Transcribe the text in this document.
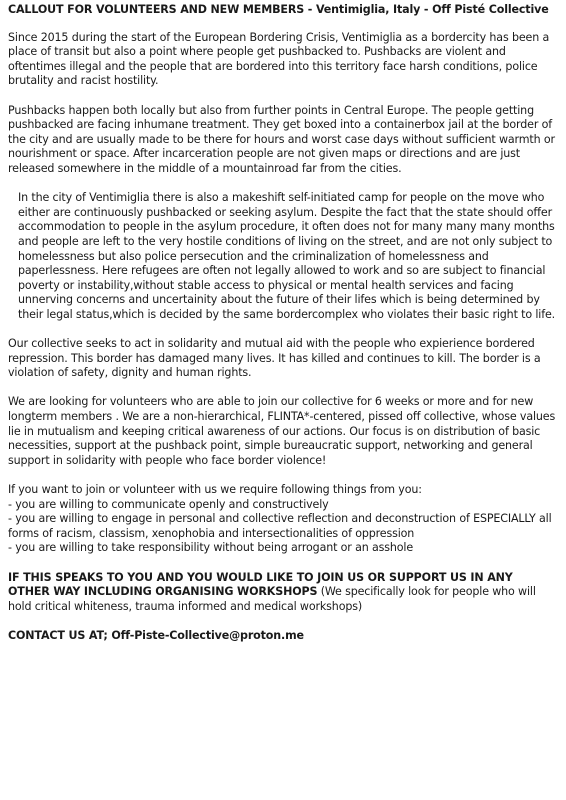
CALLOUT FOR VOLUNTEERS AND NEW MEMBERS - Ventimiglia, Italy - Off Pisté Collective

Since 2015 during the start of the European Bordering Crisis, Ventimiglia as a bordercity has been a place of transit but also a point where people get pushbacked to. Pushbacks are violent and oftentimes illegal and the people that are bordered into this territory face harsh conditions, police brutality and racist hostility.

Pushbacks happen both locally but also from further points in Central Europe. The people getting pushbacked are facing inhumane treatment. They get boxed into a containerbox jail at the border of the city and are usually made to be there for hours and worst case days without sufficient warmth or nourishment or space. After incarceration people are not given maps or directions and are just released somewhere in the middle of a mountainroad far from the cities.

In the city of Ventimiglia there is also a makeshift self-initiated camp for people on the move who either are continuously pushbacked or seeking asylum. Despite the fact that the state should offer accommodation to people in the asylum procedure, it often does not for many many many months and people are left to the very hostile conditions of living on the street, and are not only subject to homelessness but also police persecution and the criminalization of homelessness and paperlessness. Here refugees are often not legally allowed to work and so are subject to financial poverty or instability,without stable access to physical or mental health services and facing unnerving concerns and uncertainity about the future of their lifes which is being determined by their legal status,which is decided by the same bordercomplex who violates their basic right to life.

Our collective seeks to act in solidarity and mutual aid with the people who expierience bordered repression. This border has damaged many lives. It has killed and continues to kill. The border is a violation of safety, dignity and human rights.

We are looking for volunteers who are able to join our collective for 6 weeks or more and for new longterm members . We are a non-hierarchical, FLINTA*-centered, pissed off collective, whose values lie in mutualism and keeping critical awareness of our actions. Our focus is on distribution of basic necessities, support at the pushback point, simple bureaucratic support, networking and general support in solidarity with people who face border violence!

If you want to join or volunteer with us we require following things from you:
- you are willing to communicate openly and constructively
- you are willing to engage in personal and collective reflection and deconstruction of ESPECIALLY all forms of racism, classism, xenophobia and intersectionalities of oppression
- you are willing to take responsibility without being arrogant or an asshole

IF THIS SPEAKS TO YOU AND YOU WOULD LIKE TO JOIN US OR SUPPORT US IN ANY OTHER WAY INCLUDING ORGANISING WORKSHOPS (We specifically look for people who will hold critical whiteness, trauma informed and medical workshops)

CONTACT US AT; Off-Piste-Collective@proton.me
